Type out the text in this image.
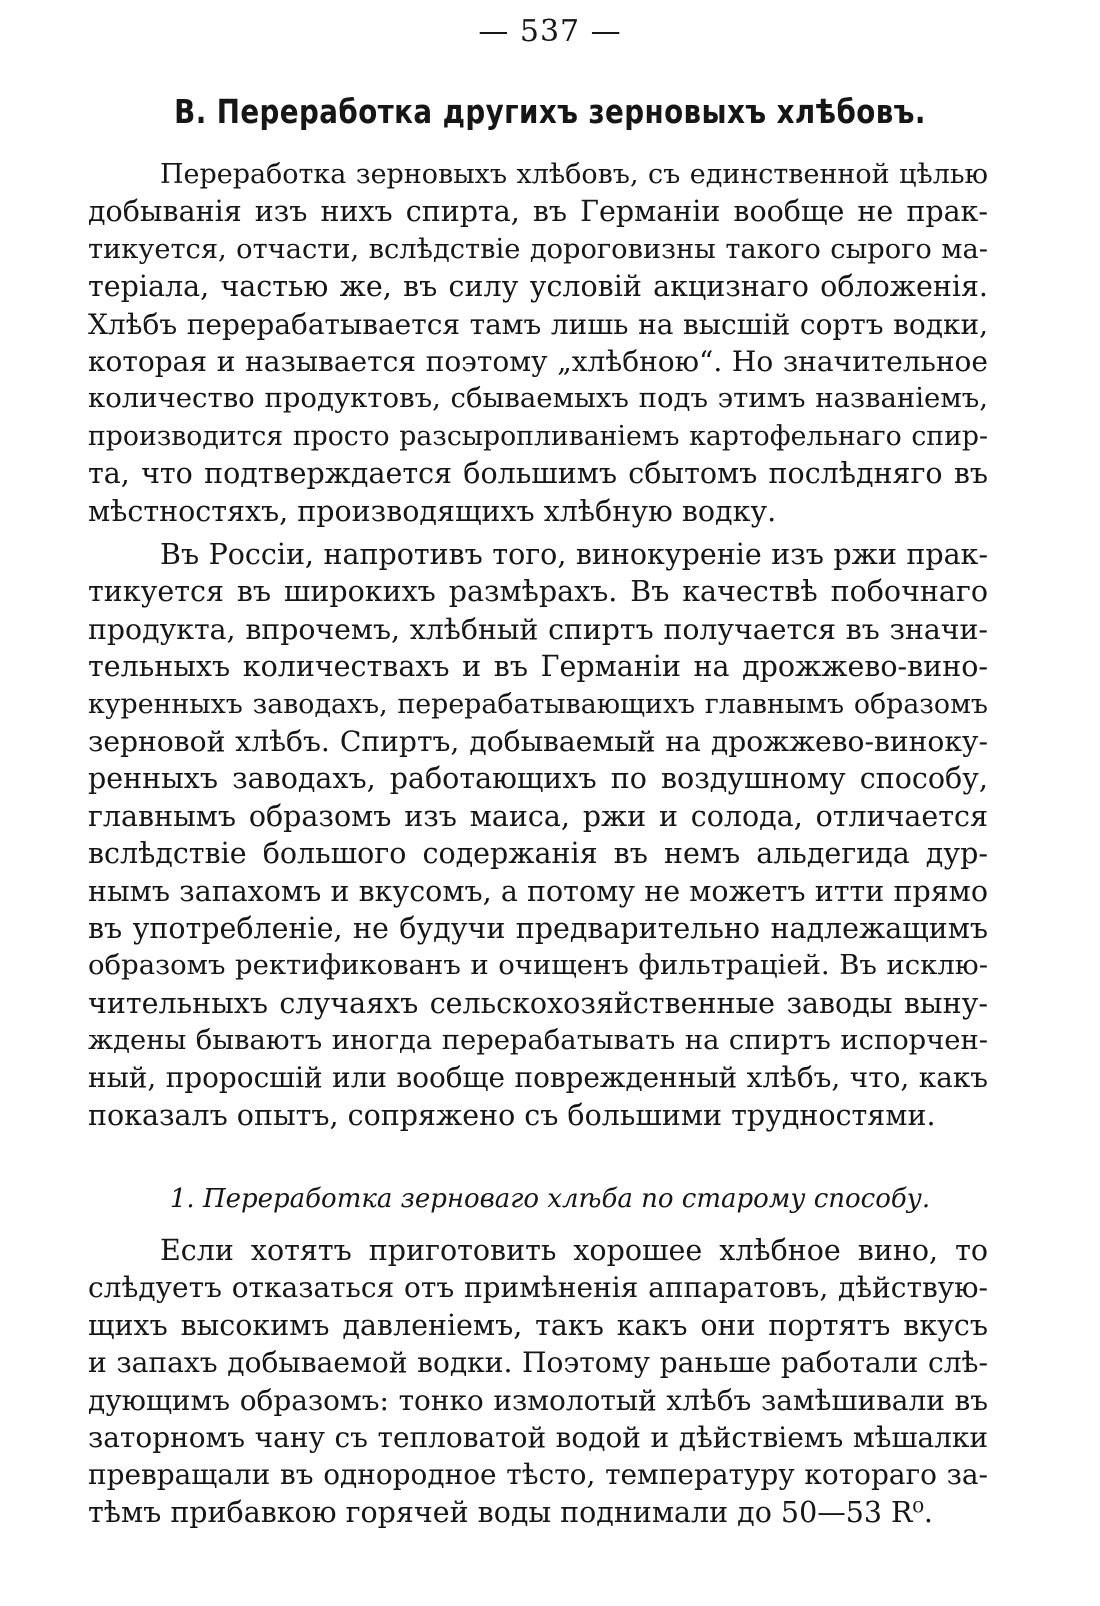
— 537 —
B. Переработка другихъ зерновыхъ хлѣбовъ.
Переработка зерновыхъ хлѣбовъ, съ единственной цѣлью
добыванія изъ нихъ спирта, въ Германіи вообще не прак-
тикуется, отчасти, вслѣдствіе дороговизны такого сырого ма-
теріала, частью же, въ силу условій акцизнаго обложенія.
Хлѣбъ перерабатывается тамъ лишь на высшій сортъ водки,
которая и называется поэтому „хлѣбною“. Но значительное
количество продуктовъ, сбываемыхъ подъ этимъ названіемъ,
производится просто разсыропливаніемъ картофельнаго спир-
та, что подтверждается большимъ сбытомъ послѣдняго въ
мѣстностяхъ, производящихъ хлѣбную водку.
Въ Россіи, напротивъ того, винокуреніе изъ ржи прак-
тикуется въ широкихъ размѣрахъ. Въ качествѣ побочнаго
продукта, впрочемъ, хлѣбный спиртъ получается въ значи-
тельныхъ количествахъ и въ Германіи на дрожжево-вино-
куренныхъ заводахъ, перерабатывающихъ главнымъ образомъ
зерновой хлѣбъ. Спиртъ, добываемый на дрожжево-виноку-
ренныхъ заводахъ, работающихъ по воздушному способу,
главнымъ образомъ изъ маиса, ржи и солода, отличается
вслѣдствіе большого содержанія въ немъ альдегида дур-
нымъ запахомъ и вкусомъ, а потому не можетъ итти прямо
въ употребленіе, не будучи предварительно надлежащимъ
образомъ ректификованъ и очищенъ фильтраціей. Въ исклю-
чительныхъ случаяхъ сельскохозяйственные заводы выну-
ждены бываютъ иногда перерабатывать на спиртъ испорчен-
ный, проросшій или вообще поврежденный хлѣбъ, что, какъ
показалъ опытъ, сопряжено съ большими трудностями.
1. Переработка зерноваго хлѣба по старому способу.
Если хотятъ приготовить хорошее хлѣбное вино, то
слѣдуетъ отказаться отъ примѣненія аппаратовъ, дѣйствую-
щихъ высокимъ давленіемъ, такъ какъ они портятъ вкусъ
и запахъ добываемой водки. Поэтому раньше работали слѣ-
дующимъ образомъ: тонко измолотый хлѣбъ замѣшивали въ
заторномъ чану съ тепловатой водой и дѣйствіемъ мѣшалки
превращали въ однородное тѣсто, температуру котораго за-
тѣмъ прибавкою горячей воды поднимали до 50—53 R⁰.
